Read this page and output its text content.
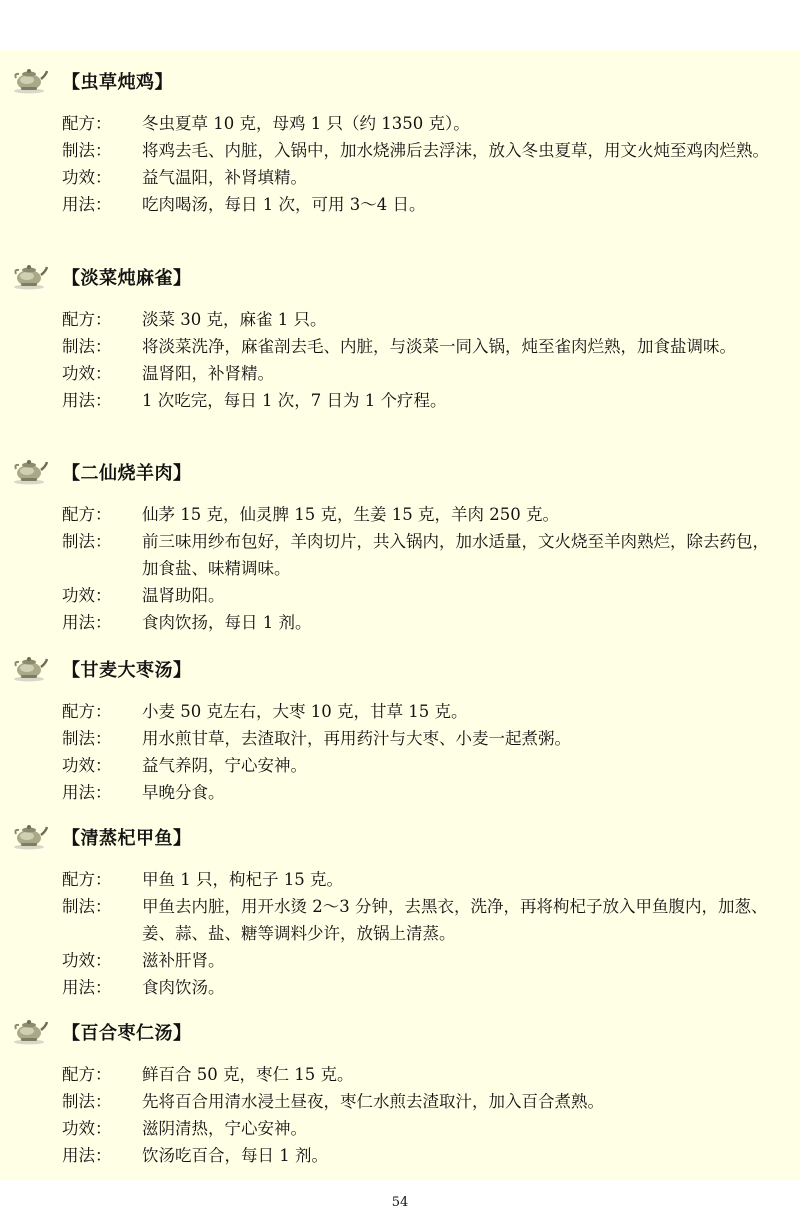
【虫草炖鸡】
配方：	冬虫夏草 10 克，母鸡 1 只（约 1350 克）。
制法：	将鸡去毛、内脏，入锅中，加水烧沸后去浮沫，放入冬虫夏草，用文火炖至鸡肉烂熟。
功效：	益气温阳，补肾填精。
用法：	吃肉喝汤，每日 1 次，可用 3～4 日。
【淡菜炖麻雀】
配方：	淡菜 30 克，麻雀 1 只。
制法：	将淡菜洗净，麻雀剖去毛、内脏，与淡菜一同入锅，炖至雀肉烂熟，加食盐调味。
功效：	温肾阳，补肾精。
用法：	1 次吃完，每日 1 次，7 日为 1 个疗程。
【二仙烧羊肉】
配方：	仙茅 15 克，仙灵脾 15 克，生姜 15 克，羊肉 250 克。
制法：	前三味用纱布包好，羊肉切片，共入锅内，加水适量，文火烧至羊肉熟烂，除去药包，加食盐、味精调味。
功效：	温肾助阳。
用法：	食肉饮扬，每日 1 剂。
【甘麦大枣汤】
配方：	小麦 50 克左右，大枣 10 克，甘草 15 克。
制法：	用水煎甘草，去渣取汁，再用药汁与大枣、小麦一起煮粥。
功效：	益气养阴，宁心安神。
用法：	早晚分食。
【清蒸杞甲鱼】
配方：	甲鱼 1 只，枸杞子 15 克。
制法：	甲鱼去内脏，用开水烫 2～3 分钟，去黑衣，洗净，再将枸杞子放入甲鱼腹内，加葱、姜、蒜、盐、糖等调料少许，放锅上清蒸。
功效：	滋补肝肾。
用法：	食肉饮汤。
【百合枣仁汤】
配方：	鲜百合 50 克，枣仁 15 克。
制法：	先将百合用清水浸土昼夜，枣仁水煎去渣取汁，加入百合煮熟。
功效：	滋阴清热，宁心安神。
用法：	饮汤吃百合，每日 1 剂。
54
